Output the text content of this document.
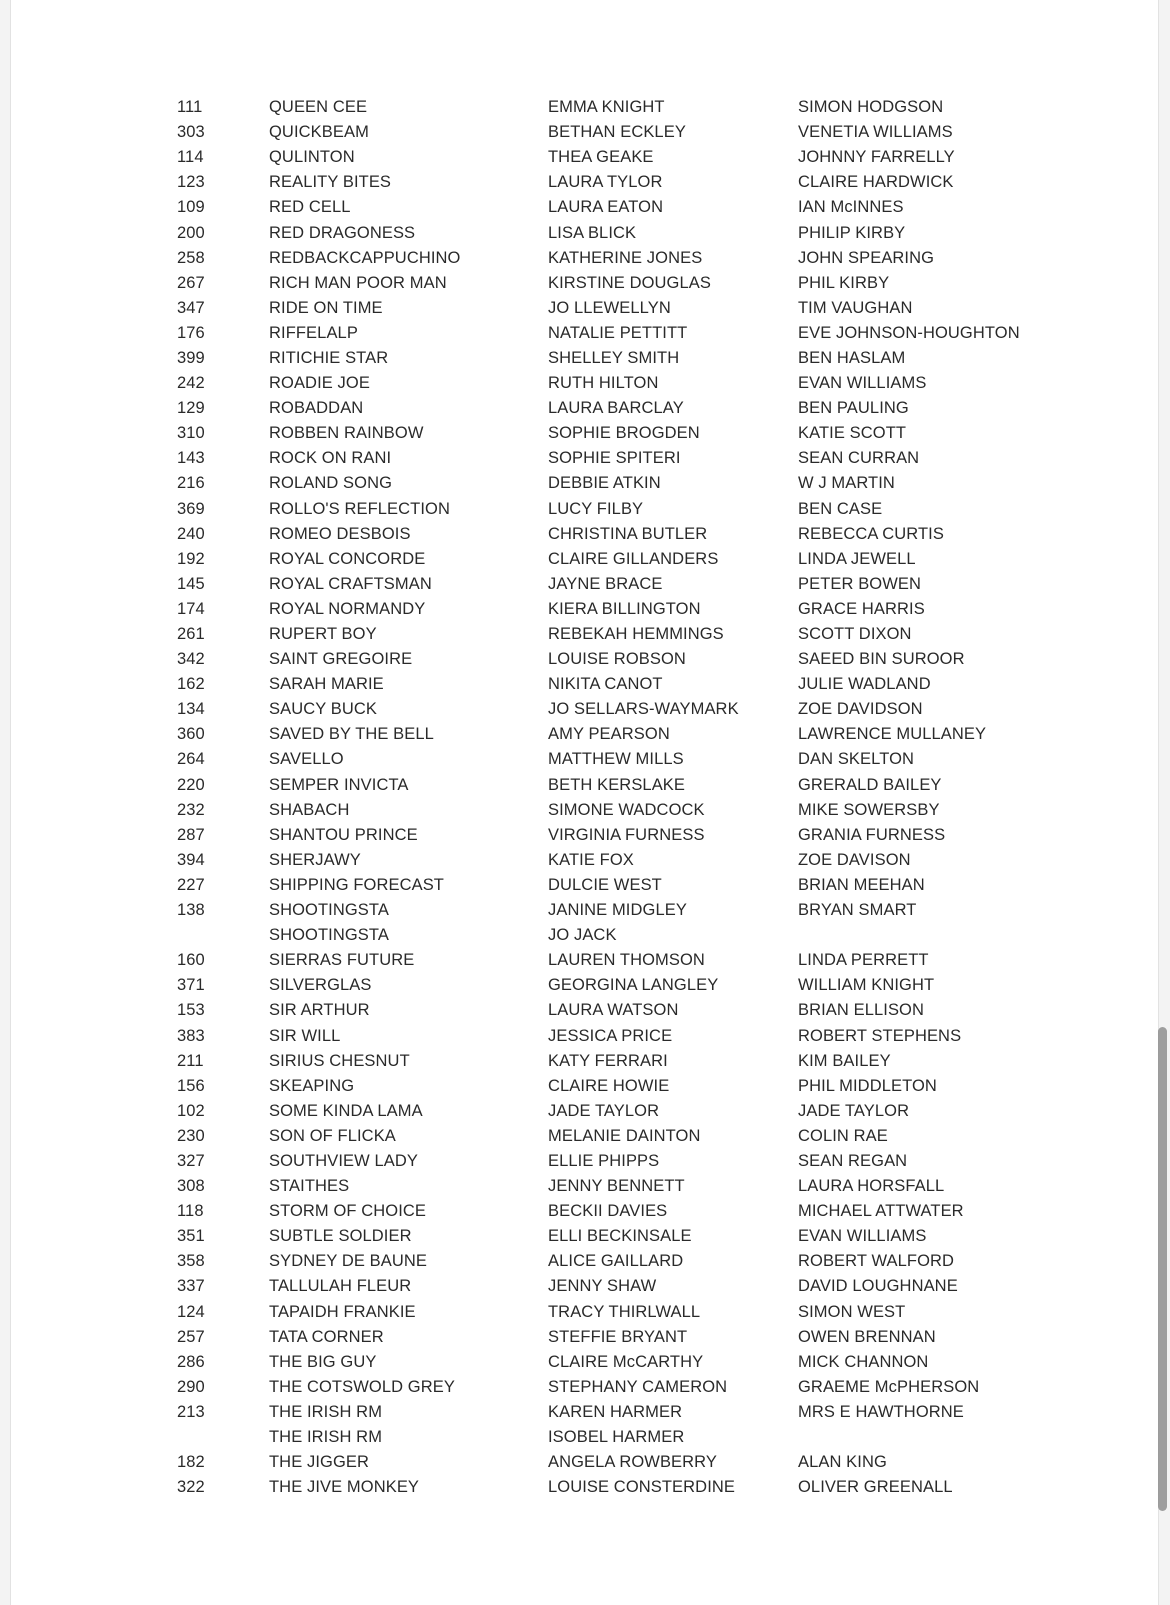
111	QUEEN CEE	EMMA KNIGHT	SIMON HODGSON
303	QUICKBEAM	BETHAN ECKLEY	VENETIA WILLIAMS
114	QULINTON	THEA GEAKE	JOHNNY FARRELLY
123	REALITY BITES	LAURA TYLOR	CLAIRE HARDWICK
109	RED CELL	LAURA EATON	IAN McINNES
200	RED DRAGONESS	LISA BLICK	PHILIP KIRBY
258	REDBACKCAPPUCHINO	KATHERINE JONES	JOHN SPEARING
267	RICH MAN POOR MAN	KIRSTINE DOUGLAS	PHIL KIRBY
347	RIDE ON TIME	JO LLEWELLYN	TIM VAUGHAN
176	RIFFELALP	NATALIE PETTITT	EVE JOHNSON-HOUGHTON
399	RITICHIE STAR	SHELLEY SMITH	BEN HASLAM
242	ROADIE JOE	RUTH HILTON	EVAN WILLIAMS
129	ROBADDAN	LAURA BARCLAY	BEN PAULING
310	ROBBEN RAINBOW	SOPHIE BROGDEN	KATIE SCOTT
143	ROCK ON RANI	SOPHIE SPITERI	SEAN CURRAN
216	ROLAND SONG	DEBBIE ATKIN	W J MARTIN
369	ROLLO'S REFLECTION	LUCY FILBY	BEN CASE
240	ROMEO DESBOIS	CHRISTINA BUTLER	REBECCA CURTIS
192	ROYAL CONCORDE	CLAIRE GILLANDERS	LINDA JEWELL
145	ROYAL CRAFTSMAN	JAYNE BRACE	PETER BOWEN
174	ROYAL NORMANDY	KIERA BILLINGTON	GRACE HARRIS
261	RUPERT BOY	REBEKAH HEMMINGS	SCOTT DIXON
342	SAINT GREGOIRE	LOUISE ROBSON	SAEED BIN SUROOR
162	SARAH MARIE	NIKITA CANOT	JULIE WADLAND
134	SAUCY BUCK	JO SELLARS-WAYMARK	ZOE DAVIDSON
360	SAVED BY THE BELL	AMY PEARSON	LAWRENCE MULLANEY
264	SAVELLO	MATTHEW MILLS	DAN SKELTON
220	SEMPER INVICTA	BETH KERSLAKE	GRERALD BAILEY
232	SHABACH	SIMONE WADCOCK	MIKE SOWERSBY
287	SHANTOU PRINCE	VIRGINIA FURNESS	GRANIA FURNESS
394	SHERJAWY	KATIE FOX	ZOE DAVISON
227	SHIPPING FORECAST	DULCIE WEST	BRIAN MEEHAN
138	SHOOTINGSTA	JANINE MIDGLEY	BRYAN SMART
	SHOOTINGSTA	JO JACK	
160	SIERRAS FUTURE	LAUREN THOMSON	LINDA PERRETT
371	SILVERGLAS	GEORGINA LANGLEY	WILLIAM KNIGHT
153	SIR ARTHUR	LAURA WATSON	BRIAN ELLISON
383	SIR WILL	JESSICA PRICE	ROBERT STEPHENS
211	SIRIUS CHESNUT	KATY FERRARI	KIM BAILEY
156	SKEAPING	CLAIRE HOWIE	PHIL MIDDLETON
102	SOME KINDA LAMA	JADE TAYLOR	JADE TAYLOR
230	SON OF FLICKA	MELANIE DAINTON	COLIN RAE
327	SOUTHVIEW LADY	ELLIE PHIPPS	SEAN REGAN
308	STAITHES	JENNY BENNETT	LAURA HORSFALL
118	STORM OF CHOICE	BECKII DAVIES	MICHAEL ATTWATER
351	SUBTLE SOLDIER	ELLI BECKINSALE	EVAN WILLIAMS
358	SYDNEY DE BAUNE	ALICE GAILLARD	ROBERT WALFORD
337	TALLULAH FLEUR	JENNY SHAW	DAVID LOUGHNANE
124	TAPAIDH FRANKIE	TRACY THIRLWALL	SIMON WEST
257	TATA CORNER	STEFFIE BRYANT	OWEN BRENNAN
286	THE BIG GUY	CLAIRE McCARTHY	MICK CHANNON
290	THE COTSWOLD GREY	STEPHANY CAMERON	GRAEME McPHERSON
213	THE IRISH RM	KAREN HARMER	MRS E HAWTHORNE
	THE IRISH RM	ISOBEL HARMER	
182	THE JIGGER	ANGELA ROWBERRY	ALAN KING
322	THE JIVE MONKEY	LOUISE CONSTERDINE	OLIVER GREENALL
